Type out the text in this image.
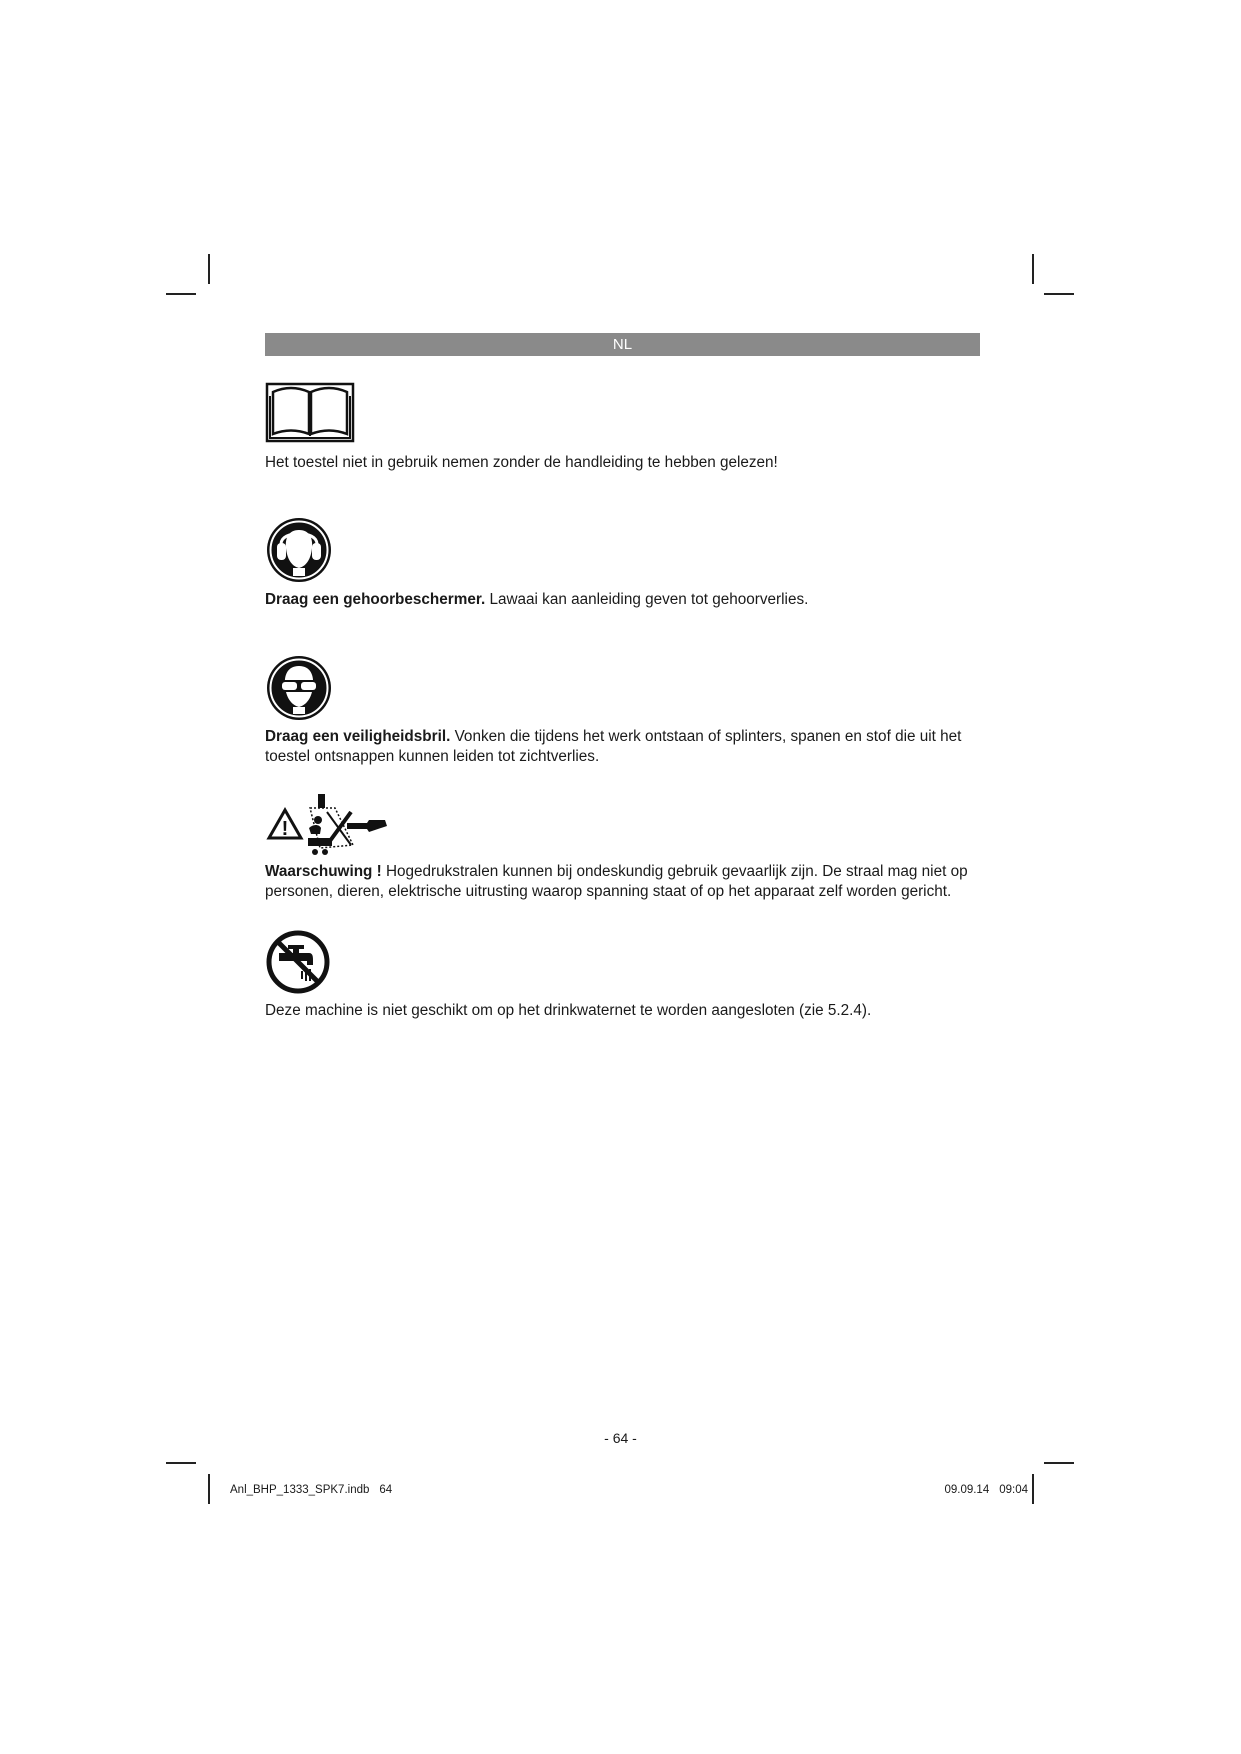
NL
Het toestel niet in gebruik nemen zonder de handleiding te hebben gelezen!
Draag een gehoorbeschermer. Lawaai kan aanleiding geven tot gehoorverlies.
Draag een veiligheidsbril. Vonken die tijdens het werk ontstaan of splinters, spanen en stof die uit het toestel ontsnappen kunnen leiden tot zichtverlies.
!
Waarschuwing ! Hogedrukstralen kunnen bij ondeskundig gebruik gevaarlijk zijn. De straal mag niet op personen, dieren, elektrische uitrusting waarop spanning staat of op het apparaat zelf worden gericht.
Deze machine is niet geschikt om op het drinkwaternet te worden aangesloten (zie 5.2.4).
- 64 -
Anl_BHP_1333_SPK7.indb 64	09.09.14 09:04
